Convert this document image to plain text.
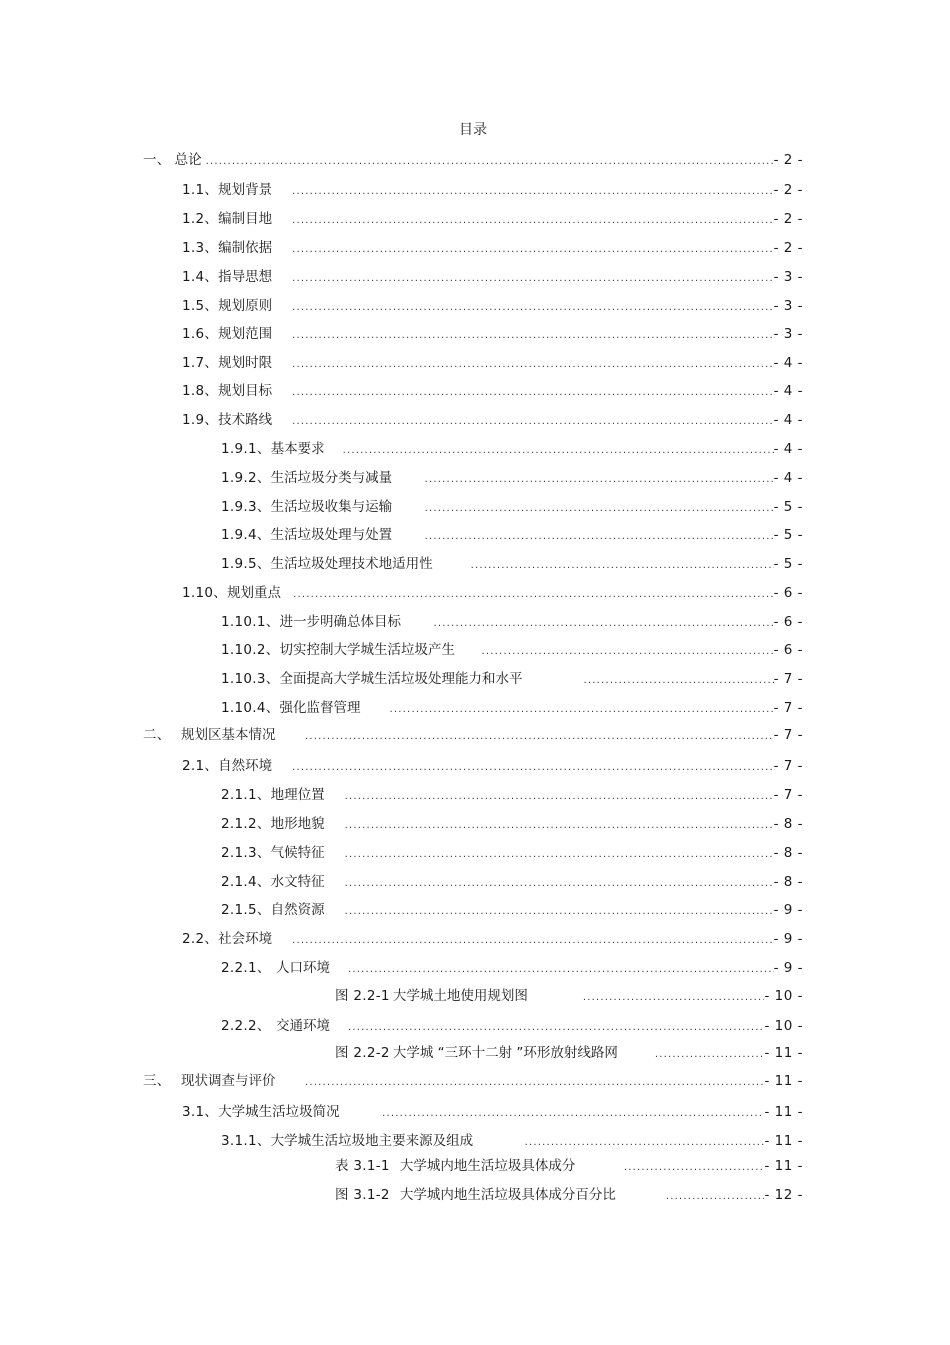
目录
一、 总论 .....	- 2 -
1.1、 规划背景 .....	- 2 -
1.2、 编制目地 .....	- 2 -
1.3、 编制依据 .....	- 2 -
1.4、 指导思想 .....	- 3 -
1.5、 规划原则 .....	- 3 -
1.6、 规划范围 .....	- 3 -
1.7、 规划时限 .....	- 4 -
1.8、 规划目标 .....	- 4 -
1.9、 技术路线 .....	- 4 -
1.9.1、 基本要求 .....	- 4 -
1.9.2、 生活垃圾分类与减量 .....	- 4 -
1.9.3、 生活垃圾收集与运输 .....	- 5 -
1.9.4、 生活垃圾处理与处置 .....	- 5 -
1.9.5、 生活垃圾处理技术地适用性 .....	- 5 -
1.10、 规划重点 .....	- 6 -
1.10.1、 进一步明确总体目标 .....	- 6 -
1.10.2、 切实控制大学城生活垃圾产生 .....	- 6 -
1.10.3、 全面提高大学城生活垃圾处理能力和水平 .....	- 7 -
1.10.4、 强化监督管理 .....	- 7 -
二、 规划区基本情况 .....	- 7 -
2.1、 自然环境 .....	- 7 -
2.1.1、 地理位置 .....	- 7 -
2.1.2、 地形地貌 .....	- 8 -
2.1.3、 气候特征 .....	- 8 -
2.1.4、 水文特征 .....	- 8 -
2.1.5、 自然资源 .....	- 9 -
2.2、 社会环境 .....	- 9 -
2.2.1、 人口环境 .....	- 9 -
图 2.2-1 大学城土地使用规划图 .....	- 10 -
2.2.2、 交通环境 .....	- 10 -
图 2.2-2 大学城 “三环十二射 ”环形放射线路网 .....	- 11 -
三、 现状调查与评价 .....	- 11 -
3.1、 大学城生活垃圾简况 .....	- 11 -
3.1.1、 大学城生活垃圾地主要来源及组成 .....	- 11 -
表 3.1-1 大学城内地生活垃圾具体成分 .....	- 11 -
图 3.1-2 大学城内地生活垃圾具体成分百分比 .....	- 12 -
